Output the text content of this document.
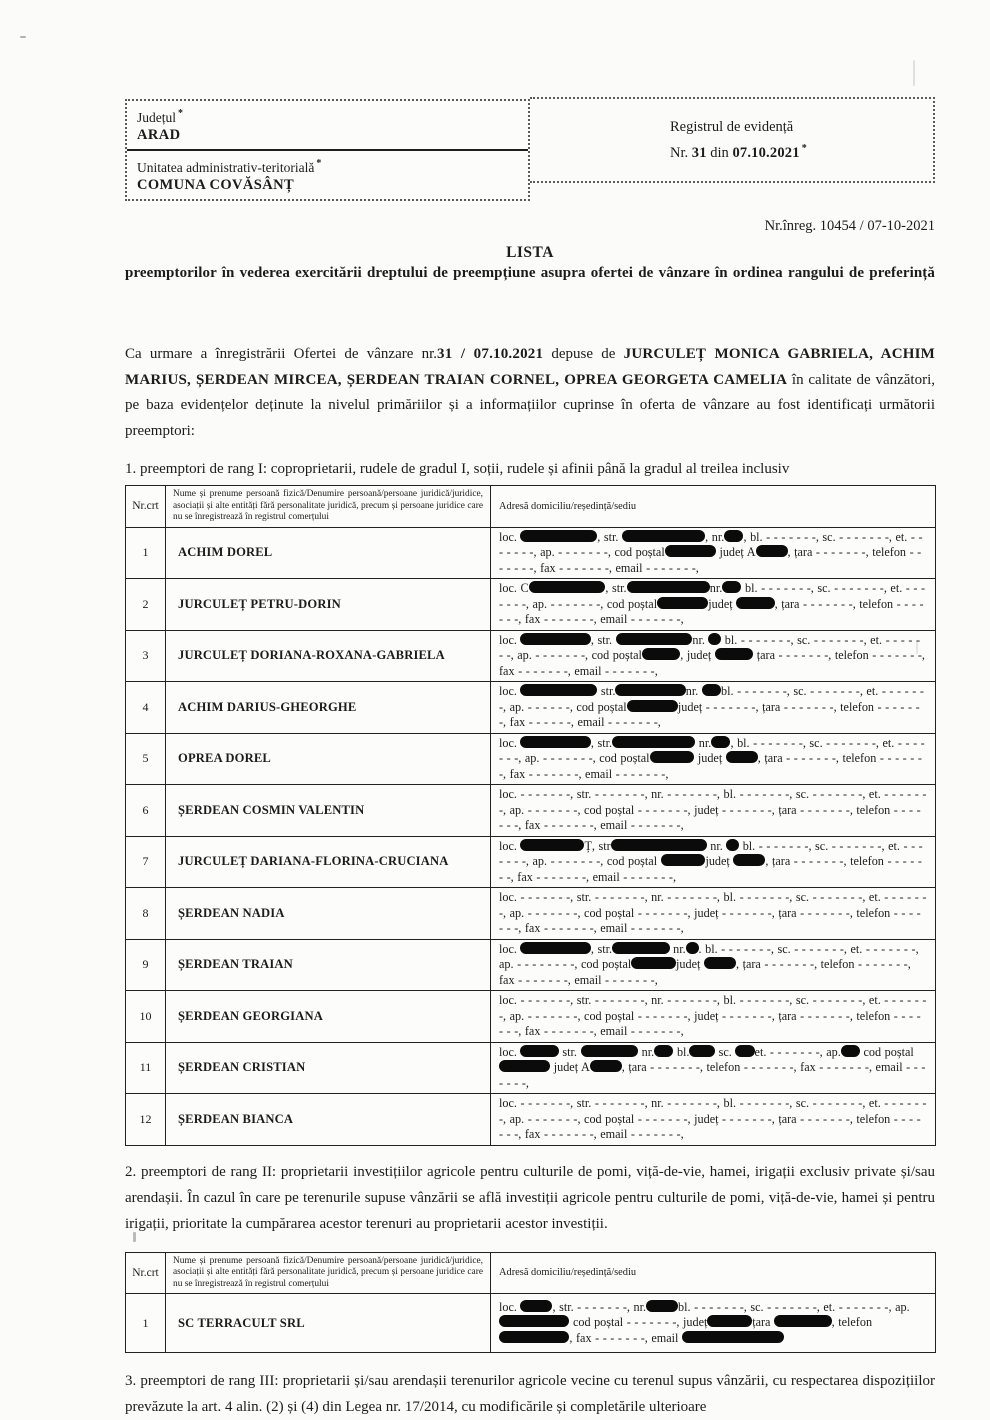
Județul *
ARAD
Unitatea administrativ-teritorială *
COMUNA COVĂSÂNȚ
Registrul de evidență
Nr. 31 din 07.10.2021 *
Nr.înreg. 10454 / 07-10-2021
LISTA
preemptorilor în vederea exercitării dreptului de preempțiune asupra ofertei de vânzare în ordinea rangului de preferință

Ca urmare a înregistrării Ofertei de vânzare nr.31 / 07.10.2021 depuse de JURCULEȚ MONICA GABRIELA, ACHIM MARIUS, ȘERDEAN MIRCEA, ȘERDEAN TRAIAN CORNEL, OPREA GEORGETA CAMELIA în calitate de vânzători, pe baza evidențelor deținute la nivelul primăriilor și a informațiilor cuprinse în oferta de vânzare au fost identificați următorii preemptori:

1. preemptori de rang I: coproprietarii, rudele de gradul I, soții, rudele și afinii până la gradul al treilea inclusiv
Nr.crt	Nume și prenume persoană fizică/Denumire persoană/persoane juridică/juridice, asociații și alte entități fără personalitate juridică, precum și persoane juridice care nu se înregistrează în registrul comerțului	Adresă domiciliu/reședință/sediu
1	ACHIM DOREL	loc. , str. , nr. , bl. - - - - - - -, sc. - - - - - - -, et. - - - - - - -, ap. - - - - - - -, cod poștal județ A , țara - - - - - - -, telefon - - - - - - -, fax - - - - - - -, email - - - - - - -,

2	JURCULEȚ PETRU-DORIN	loc. C , str. nr. bl. - - - - - - -, sc. - - - - - - -, et. - - - - - - -, ap. - - - - - - -, cod poștal județ , țara - - - - - - -, telefon - - - - - - -, fax - - - - - - -, email - - - - - - -,

3	JURCULEȚ DORIANA-ROXANA-GABRIELA	loc. , str. nr.  bl. - - - - - - -, sc. - - - - - - -, et. - - - - - - -, ap. - - - - - - -, cod poștal , județ țara - - - - - - -, telefon - - - - - - -, fax - - - - - - -, email - - - - - - -,

4	ACHIM DARIUS-GHEORGHE	loc. str. nr. bl. - - - - - - -, sc. - - - - - - -, et. - - - - - - -, ap. - - - - - -, cod poștal județ - - - - - - -, țara - - - - - - -, telefon - - - - - - -, fax - - - - - -, email - - - - - - -,

5	OPREA DOREL	loc. , str. nr. , bl. - - - - - - -, sc. - - - - - - -, et. - - - - - - -, ap. - - - - - - -, cod poștal județ , țara - - - - - - -, telefon - - - - - - -, fax - - - - - - -, email - - - - - - -,

6	ȘERDEAN COSMIN VALENTIN	loc. - - - - - - -, str. - - - - - - -, nr. - - - - - - -, bl. - - - - - - -, sc. - - - - - - -, et. - - - - - - -, ap. - - - - - - -, cod poștal - - - - - - -, județ - - - - - - -, țara - - - - - - -, telefon - - - - - - -, fax - - - - - - -, email - - - - - - -,

7	JURCULEȚ DARIANA-FLORINA-CRUCIANA	loc. Ț, str nr.  bl. - - - - - - -, sc. - - - - - - -, et. - - - - - - -, ap. - - - - - - -, cod poștal județ , țara - - - - - - -, telefon - - - - - - -, fax - - - - - - -, email - - - - - - -,

8	ȘERDEAN NADIA	loc. - - - - - - -, str. - - - - - - -, nr. - - - - - - -, bl. - - - - - - -, sc. - - - - - - -, et. - - - - - - -, ap. - - - - - - -, cod poștal - - - - - - -, județ - - - - - - -, țara - - - - - - -, telefon - - - - - - -, fax - - - - - - -, email - - - - - - -,

9	ȘERDEAN TRAIAN	loc. , str. nr. . bl. - - - - - - -, sc. - - - - - - -, et. - - - - - - -, ap. - - - - - - - -, cod poștal județ , țara - - - - - - -, telefon - - - - - - -, fax - - - - - - -, email - - - - - - -,

10	ȘERDEAN GEORGIANA	loc. - - - - - - -, str. - - - - - - -, nr. - - - - - - -, bl. - - - - - - -, sc. - - - - - - -, et. - - - - - - -, ap. - - - - - - -, cod poștal - - - - - - -, județ - - - - - - -, țara - - - - - - -, telefon - - - - - - -, fax - - - - - - -, email - - - - - - -,

11	ȘERDEAN CRISTIAN	loc. str. nr. bl. sc. et. - - - - - - -, ap. cod poștal  județ A , țara - - - - - - -, telefon - - - - - - -, fax - - - - - - -, email - - - - - - -,

12	ȘERDEAN BIANCA	loc. - - - - - - -, str. - - - - - - -, nr. - - - - - - -, bl. - - - - - - -, sc. - - - - - - -, et. - - - - - - -, ap. - - - - - - -, cod poștal - - - - - - -, județ - - - - - - -, țara - - - - - - -, telefon - - - - - - -, fax - - - - - - -, email - - - - - - -,

2. preemptori de rang II: proprietarii investițiilor agricole pentru culturile de pomi, viță-de-vie, hamei, irigații exclusiv private și/sau arendașii. În cazul în care pe terenurile supuse vânzării se află investiții agricole pentru culturile de pomi, viță-de-vie, hamei și pentru irigații, prioritate la cumpărarea acestor terenuri au proprietarii acestor investiții.

Nr.crt	Nume și prenume persoană fizică/Denumire persoană/persoane juridică/juridice, asociații și alte entități fără personalitate juridică, precum și persoane juridice care nu se înregistrează în registrul comerțului	Adresă domiciliu/reședință/sediu
1	SC TERRACULT SRL	loc. , str. - - - - - - -, nr. bl. - - - - - - -, sc. - - - - - - -, et. - - - - - - -, ap.  cod poștal - - - - - - -, județ țara , telefon , fax - - - - - - -, email

3. preemptori de rang III: proprietarii și/sau arendașii terenurilor agricole vecine cu terenul supus vânzării, cu respectarea dispozițiilor prevăzute la art. 4 alin. (2) și (4) din Legea nr. 17/2014, cu modificările și completările ulterioare
